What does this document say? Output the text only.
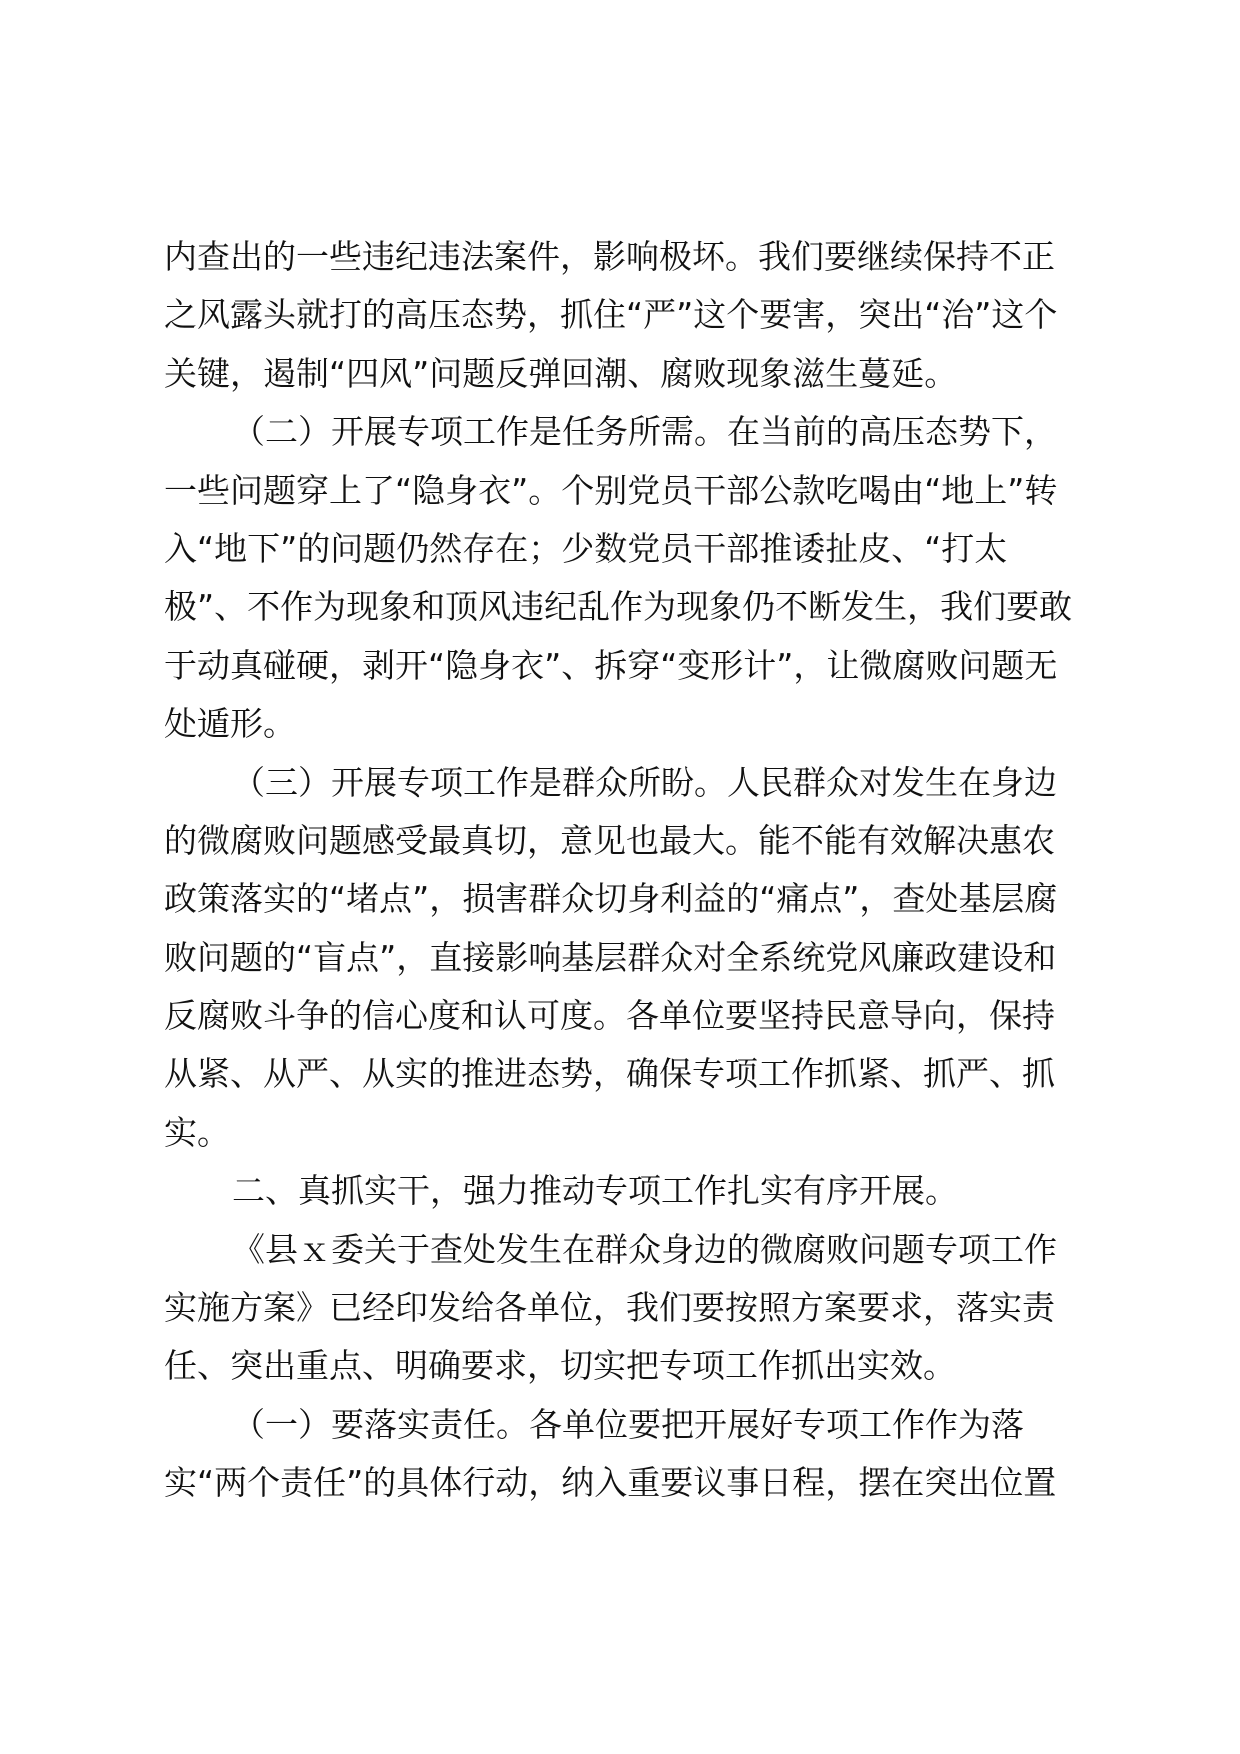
内查出的一些违纪违法案件，影响极坏。我们要继续保持不正
之风露头就打的高压态势，抓住“严”这个要害，突出“治”这个
关键，遏制“四风”问题反弹回潮、腐败现象滋生蔓延。
（二）开展专项工作是任务所需。在当前的高压态势下，
一些问题穿上了“隐身衣”。个别党员干部公款吃喝由“地上”转
入“地下”的问题仍然存在；少数党员干部推诿扯皮、“打太
极”、不作为现象和顶风违纪乱作为现象仍不断发生，我们要敢
于动真碰硬，剥开“隐身衣”、拆穿“变形计”，让微腐败问题无
处遁形。
（三）开展专项工作是群众所盼。人民群众对发生在身边
的微腐败问题感受最真切，意见也最大。能不能有效解决惠农
政策落实的“堵点”，损害群众切身利益的“痛点”，查处基层腐
败问题的“盲点”，直接影响基层群众对全系统党风廉政建设和
反腐败斗争的信心度和认可度。各单位要坚持民意导向，保持
从紧、从严、从实的推进态势，确保专项工作抓紧、抓严、抓
实。
二、真抓实干，强力推动专项工作扎实有序开展。
《县ｘ委关于查处发生在群众身边的微腐败问题专项工作
实施方案》已经印发给各单位，我们要按照方案要求，落实责
任、突出重点、明确要求，切实把专项工作抓出实效。
（一）要落实责任。各单位要把开展好专项工作作为落
实“两个责任”的具体行动，纳入重要议事日程，摆在突出位置
